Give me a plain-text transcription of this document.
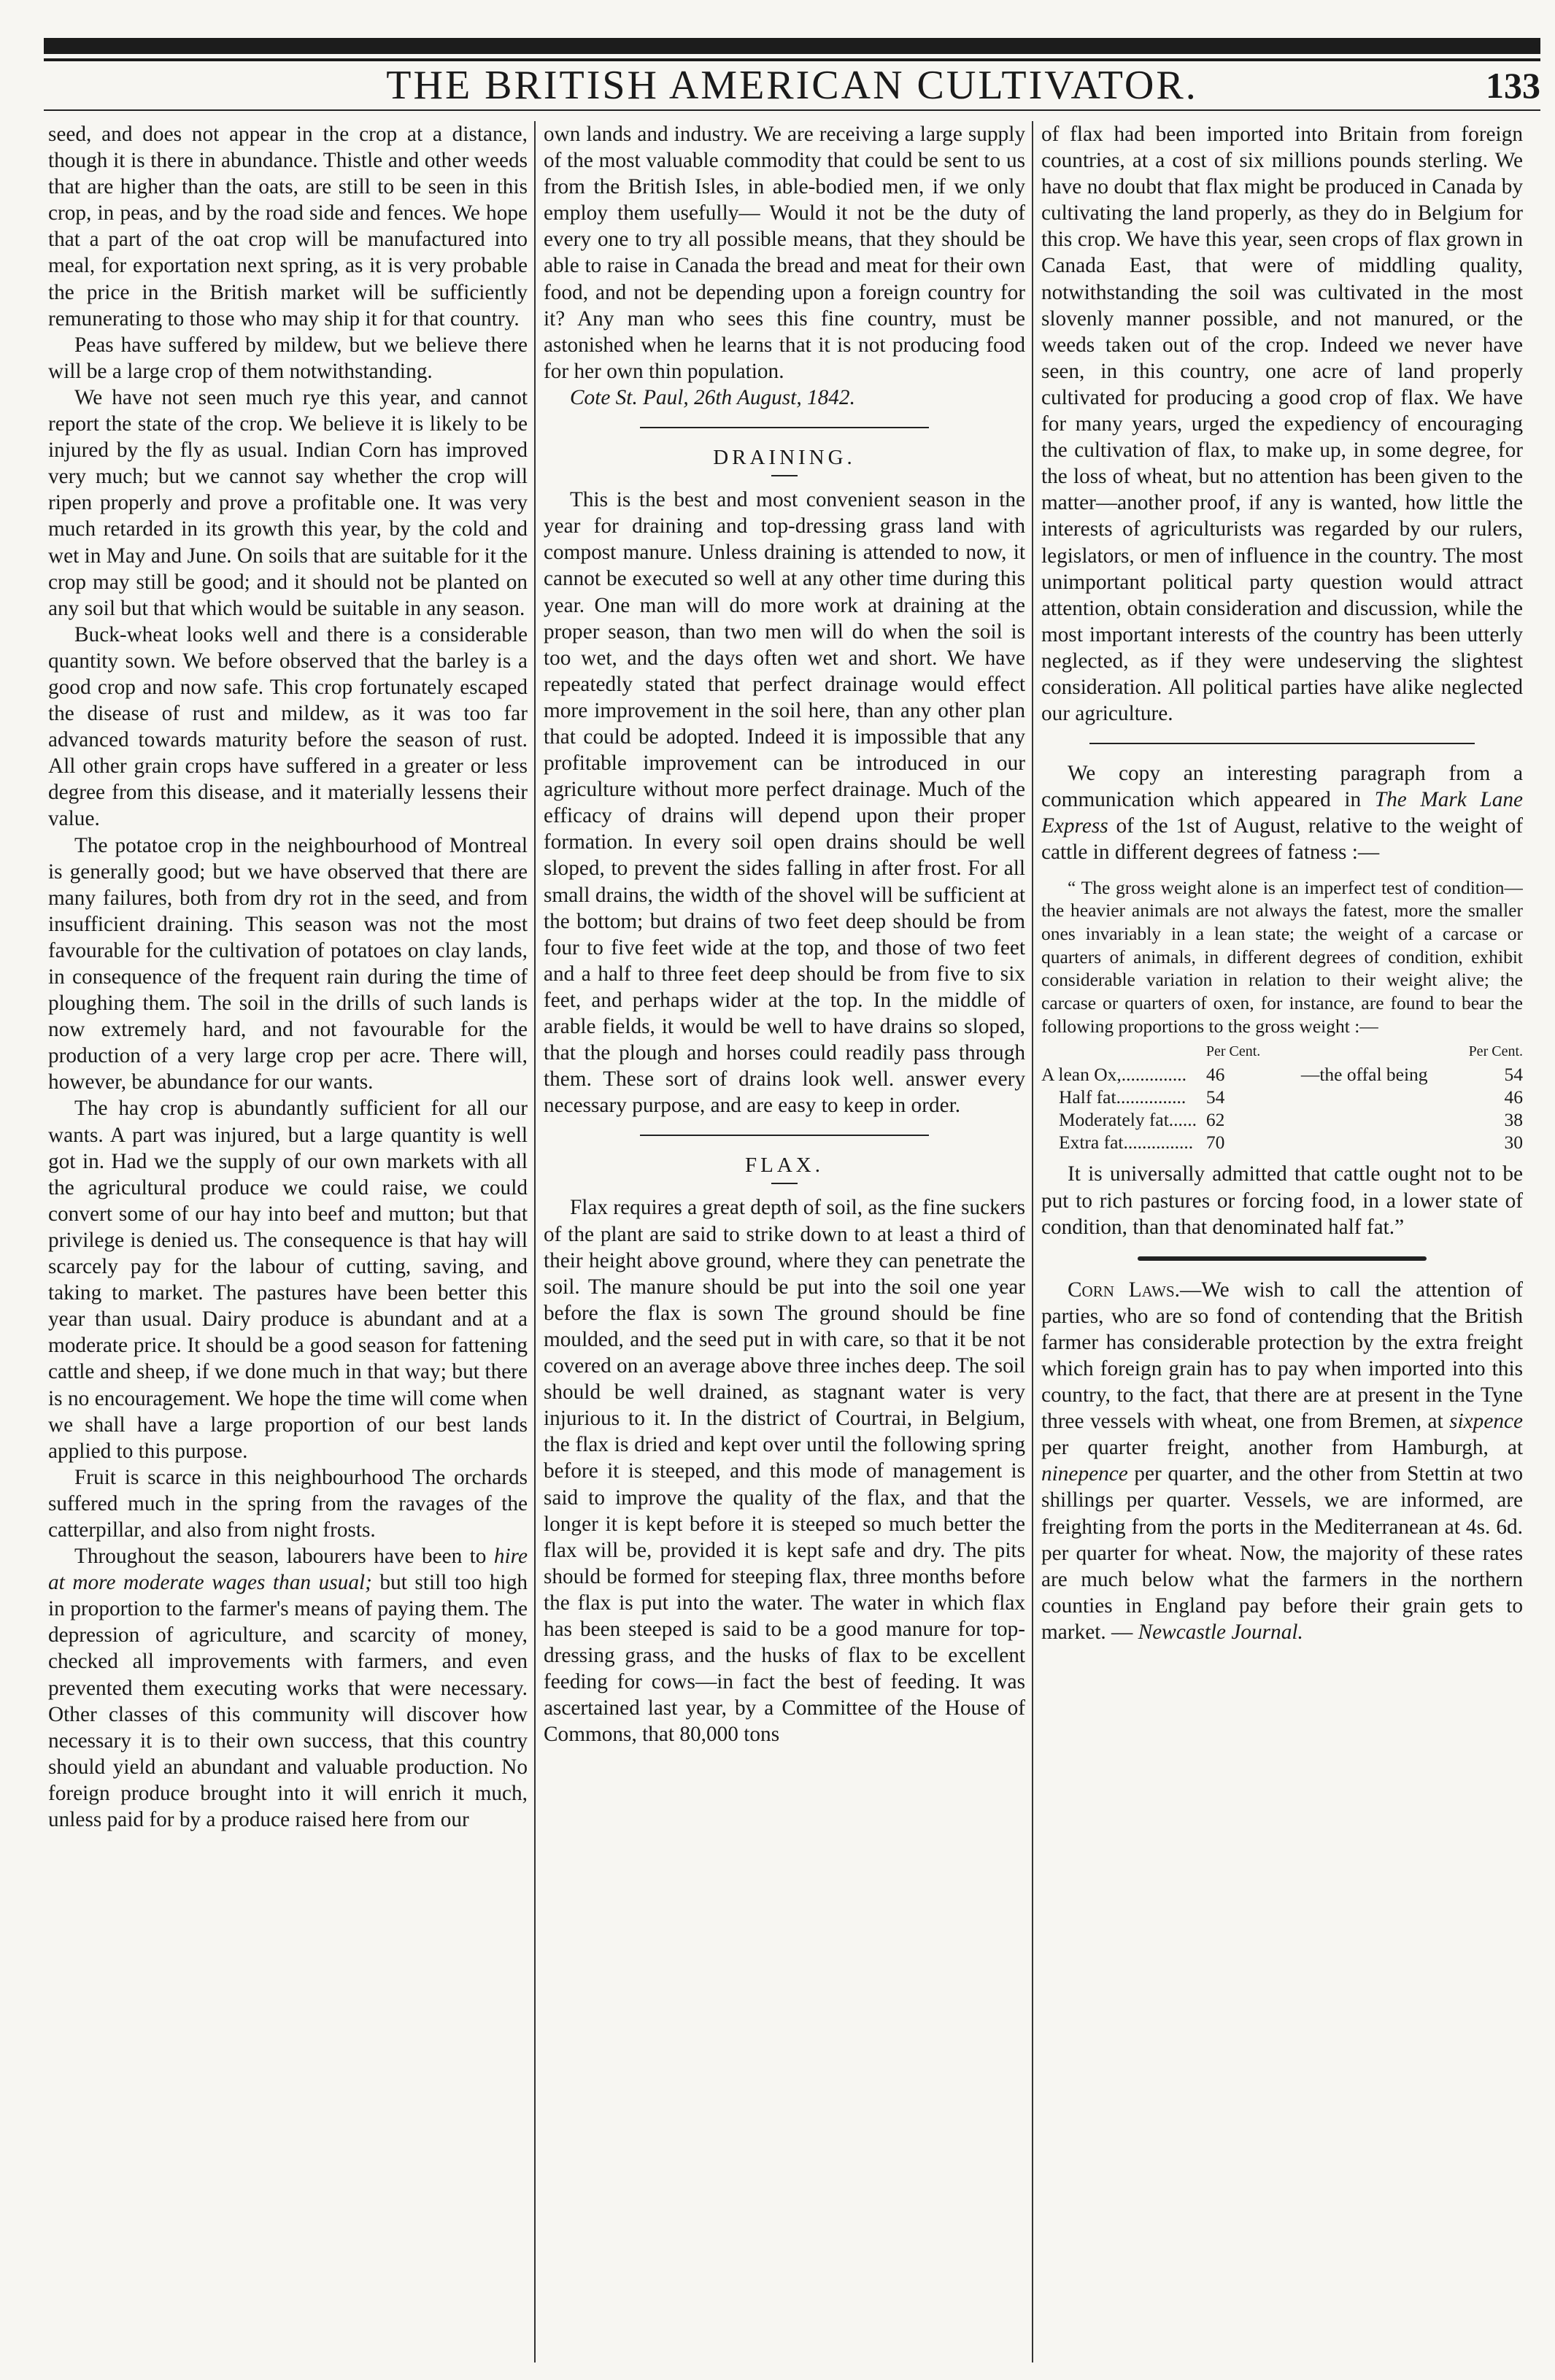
THE BRITISH AMERICAN CULTIVATOR.	133

seed, and does not appear in the crop at a distance, though it is there in abundance. Thistle and other weeds that are higher than the oats, are still to be seen in this crop, in peas, and by the road side and fences. We hope that a part of the oat crop will be manufactured into meal, for exportation next spring, as it is very probable the price in the British market will be sufficiently remunerating to those who may ship it for that country.

Peas have suffered by mildew, but we believe there will be a large crop of them notwithstanding.

We have not seen much rye this year, and cannot report the state of the crop. We believe it is likely to be injured by the fly as usual. Indian Corn has improved very much; but we cannot say whether the crop will ripen properly and prove a profitable one. It was very much retarded in its growth this year, by the cold and wet in May and June. On soils that are suitable for it the crop may still be good; and it should not be planted on any soil but that which would be suitable in any season.

Buck-wheat looks well and there is a considerable quantity sown. We before observed that the barley is a good crop and now safe. This crop fortunately escaped the disease of rust and mildew, as it was too far advanced towards maturity before the season of rust. All other grain crops have suffered in a greater or less degree from this disease, and it materially lessens their value.

The potatoe crop in the neighbourhood of Montreal is generally good; but we have observed that there are many failures, both from dry rot in the seed, and from insufficient draining. This season was not the most favourable for the cultivation of potatoes on clay lands, in consequence of the frequent rain during the time of ploughing them. The soil in the drills of such lands is now extremely hard, and not favourable for the production of a very large crop per acre. There will, however, be abundance for our wants.

The hay crop is abundantly sufficient for all our wants. A part was injured, but a large quantity is well got in. Had we the supply of our own markets with all the agricultural produce we could raise, we could convert some of our hay into beef and mutton; but that privilege is denied us. The consequence is that hay will scarcely pay for the labour of cutting, saving, and taking to market. The pastures have been better this year than usual. Dairy produce is abundant and at a moderate price. It should be a good season for fattening cattle and sheep, if we done much in that way; but there is no encouragement. We hope the time will come when we shall have a large proportion of our best lands applied to this purpose.

Fruit is scarce in this neighbourhood The orchards suffered much in the spring from the ravages of the catterpillar, and also from night frosts.

Throughout the season, labourers have been to hire at more moderate wages than usual; but still too high in proportion to the farmer's means of paying them. The depression of agriculture, and scarcity of money, checked all improvements with farmers, and even prevented them executing works that were necessary. Other classes of this community will discover how necessary it is to their own success, that this country should yield an abundant and valuable production. No foreign produce brought into it will enrich it much, unless paid for by a produce raised here from our

own lands and industry. We are receiving a large supply of the most valuable commodity that could be sent to us from the British Isles, in able-bodied men, if we only employ them usefully— Would it not be the duty of every one to try all possible means, that they should be able to raise in Canada the bread and meat for their own food, and not be depending upon a foreign country for it? Any man who sees this fine country, must be astonished when he learns that it is not producing food for her own thin population.

Cote St. Paul, 26th August, 1842.

DRAINING.

This is the best and most convenient season in the year for draining and top-dressing grass land with compost manure. Unless draining is attended to now, it cannot be executed so well at any other time during this year. One man will do more work at draining at the proper season, than two men will do when the soil is too wet, and the days often wet and short. We have repeatedly stated that perfect drainage would effect more improvement in the soil here, than any other plan that could be adopted. Indeed it is impossible that any profitable improvement can be introduced in our agriculture without more perfect drainage. Much of the efficacy of drains will depend upon their proper formation. In every soil open drains should be well sloped, to prevent the sides falling in after frost. For all small drains, the width of the shovel will be sufficient at the bottom; but drains of two feet deep should be from four to five feet wide at the top, and those of two feet and a half to three feet deep should be from five to six feet, and perhaps wider at the top. In the middle of arable fields, it would be well to have drains so sloped, that the plough and horses could readily pass through them. These sort of drains look well. answer every necessary purpose, and are easy to keep in order.

FLAX.

Flax requires a great depth of soil, as the fine suckers of the plant are said to strike down to at least a third of their height above ground, where they can penetrate the soil. The manure should be put into the soil one year before the flax is sown The ground should be fine moulded, and the seed put in with care, so that it be not covered on an average above three inches deep. The soil should be well drained, as stagnant water is very injurious to it. In the district of Courtrai, in Belgium, the flax is dried and kept over until the following spring before it is steeped, and this mode of management is said to improve the quality of the flax, and that the longer it is kept before it is steeped so much better the flax will be, provided it is kept safe and dry. The pits should be formed for steeping flax, three months before the flax is put into the water. The water in which flax has been steeped is said to be a good manure for top-dressing grass, and the husks of flax to be excellent feeding for cows—in fact the best of feeding. It was ascertained last year, by a Committee of the House of Commons, that 80,000 tons

of flax had been imported into Britain from foreign countries, at a cost of six millions pounds sterling. We have no doubt that flax might be produced in Canada by cultivating the land properly, as they do in Belgium for this crop. We have this year, seen crops of flax grown in Canada East, that were of middling quality, notwithstanding the soil was cultivated in the most slovenly manner possible, and not manured, or the weeds taken out of the crop. Indeed we never have seen, in this country, one acre of land properly cultivated for producing a good crop of flax. We have for many years, urged the expediency of encouraging the cultivation of flax, to make up, in some degree, for the loss of wheat, but no attention has been given to the matter—another proof, if any is wanted, how little the interests of agriculturists was regarded by our rulers, legislators, or men of influence in the country. The most unimportant political party question would attract attention, obtain consideration and discussion, while the most important interests of the country has been utterly neglected, as if they were undeserving the slightest consideration. All political parties have alike neglected our agriculture.

We copy an interesting paragraph from a communication which appeared in The Mark Lane Express of the 1st of August, relative to the weight of cattle in different degrees of fatness :—

“ The gross weight alone is an imperfect test of condition—the heavier animals are not always the fatest, more the smaller ones invariably in a lean state; the weight of a carcase or quarters of animals, in different degrees of condition, exhibit considerable variation in relation to their weight alive; the carcase or quarters of oxen, for instance, are found to bear the following proportions to the gross weight :—

	Per Cent.		Per Cent.
A lean Ox,..............	46	—the offal being	54
Half fat...............	54		46
Moderately fat......	62		38
Extra fat...............	70		30

It is universally admitted that cattle ought not to be put to rich pastures or forcing food, in a lower state of condition, than that denominated half fat.”

Corn Laws.—We wish to call the attention of parties, who are so fond of contending that the British farmer has considerable protection by the extra freight which foreign grain has to pay when imported into this country, to the fact, that there are at present in the Tyne three vessels with wheat, one from Bremen, at sixpence per quarter freight, another from Hamburgh, at ninepence per quarter, and the other from Stettin at two shillings per quarter. Vessels, we are informed, are freighting from the ports in the Mediterranean at 4s. 6d. per quarter for wheat. Now, the majority of these rates are much below what the farmers in the northern counties in England pay before their grain gets to market. — Newcastle Journal.
